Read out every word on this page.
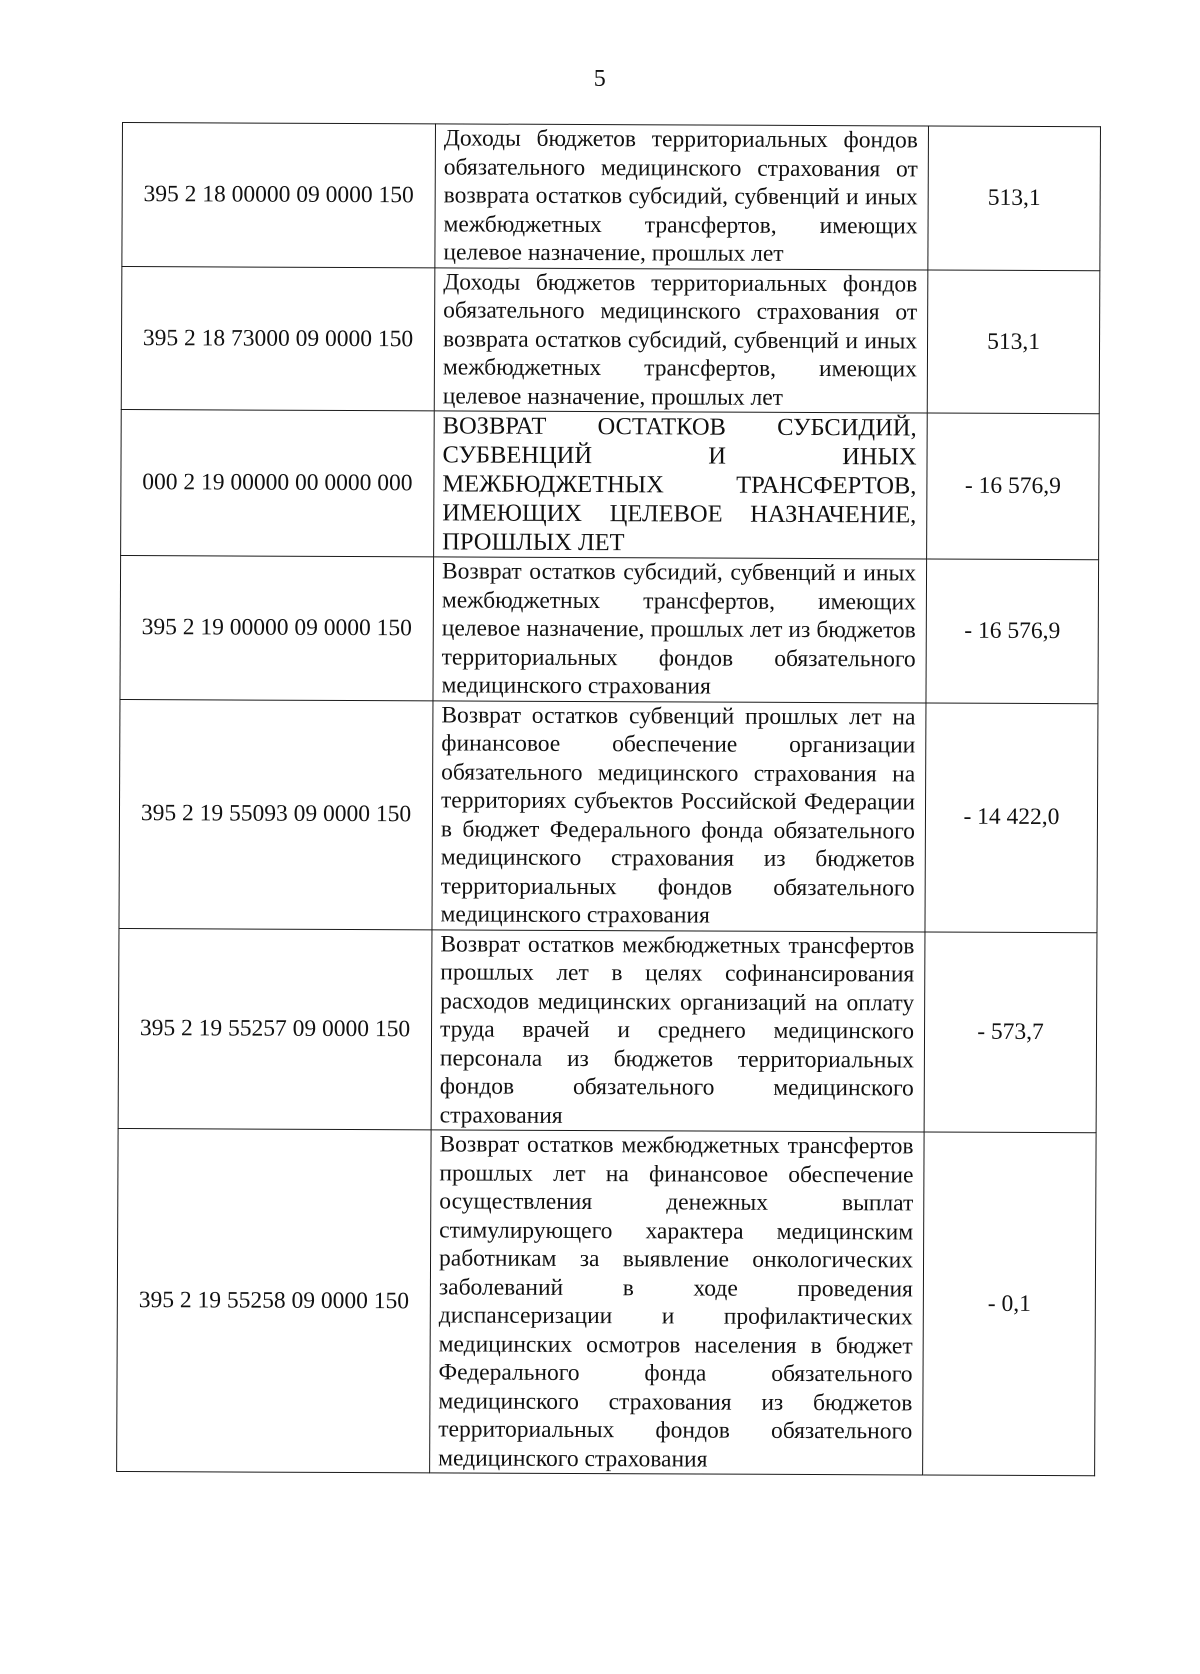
5
395 2 18 00000 09 0000 150	Доходы бюджетов территориальных фондов обязательного медицинского страхования от возврата остатков субсидий, субвенций и иных межбюджетных трансфертов, имеющих целевое назначение, прошлых лет	513,1
395 2 18 73000 09 0000 150	Доходы бюджетов территориальных фондов обязательного медицинского страхования от возврата остатков субсидий, субвенций и иных межбюджетных трансфертов, имеющих целевое назначение, прошлых лет	513,1
000 2 19 00000 00 0000 000	ВОЗВРАТ ОСТАТКОВ СУБСИДИЙ, СУБВЕНЦИЙ И ИНЫХ МЕЖБЮДЖЕТНЫХ ТРАНСФЕРТОВ, ИМЕЮЩИХ ЦЕЛЕВОЕ НАЗНАЧЕНИЕ, ПРОШЛЫХ ЛЕТ	- 16 576,9
395 2 19 00000 09 0000 150	Возврат остатков субсидий, субвенций и иных межбюджетных трансфертов, имеющих целевое назначение, прошлых лет из бюджетов территориальных фондов обязательного медицинского страхования	- 16 576,9
395 2 19 55093 09 0000 150	Возврат остатков субвенций прошлых лет на финансовое обеспечение организации обязательного медицинского страхования на территориях субъектов Российской Федерации в бюджет Федерального фонда обязательного медицинского страхования из бюджетов территориальных фондов обязательного медицинского страхования	- 14 422,0
395 2 19 55257 09 0000 150	Возврат остатков межбюджетных трансфертов прошлых лет в целях софинансирования расходов медицинских организаций на оплату труда врачей и среднего медицинского персонала из бюджетов территориальных фондов обязательного медицинского страхования	- 573,7
395 2 19 55258 09 0000 150	Возврат остатков межбюджетных трансфертов прошлых лет на финансовое обеспечение осуществления денежных выплат стимулирующего характера медицинским работникам за выявление онкологических заболеваний в ходе проведения диспансеризации и профилактических медицинских осмотров населения в бюджет Федерального фонда обязательного медицинского страхования из бюджетов территориальных фондов обязательного медицинского страхования	- 0,1
